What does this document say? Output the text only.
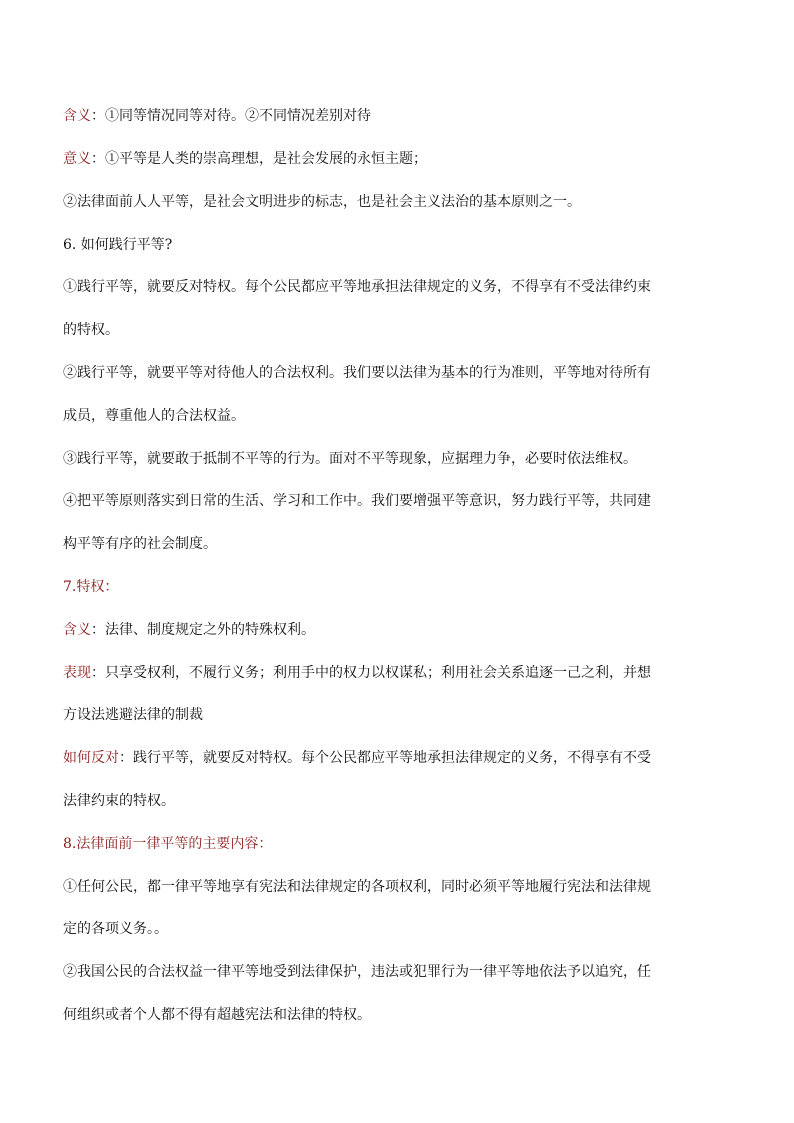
含义：①同等情况同等对待。②不同情况差别对待
意义：①平等是人类的崇高理想，是社会发展的永恒主题；
②法律面前人人平等，是社会文明进步的标志，也是社会主义法治的基本原则之一。
6. 如何践行平等?
①践行平等，就要反对特权。每个公民都应平等地承担法律规定的义务，不得享有不受法律约束
的特权。
②践行平等，就要平等对待他人的合法权利。我们要以法律为基本的行为准则，平等地对待所有
成员，尊重他人的合法权益。
③践行平等，就要敢于抵制不平等的行为。面对不平等现象，应据理力争，必要时依法维权。
④把平等原则落实到日常的生活、学习和工作中。我们要增强平等意识，努力践行平等，共同建
构平等有序的社会制度。
7.特权：
含义：法律、制度规定之外的特殊权利。
表现：只享受权利，不履行义务；利用手中的权力以权谋私；利用社会关系追逐一己之利，并想
方设法逃避法律的制裁
如何反对：践行平等，就要反对特权。每个公民都应平等地承担法律规定的义务，不得享有不受
法律约束的特权。
8.法律面前一律平等的主要内容：
①任何公民，都一律平等地享有宪法和法律规定的各项权利，同时必须平等地履行宪法和法律规
定的各项义务。。
②我国公民的合法权益一律平等地受到法律保护，违法或犯罪行为一律平等地依法予以追究，任
何组织或者个人都不得有超越宪法和法律的特权。
